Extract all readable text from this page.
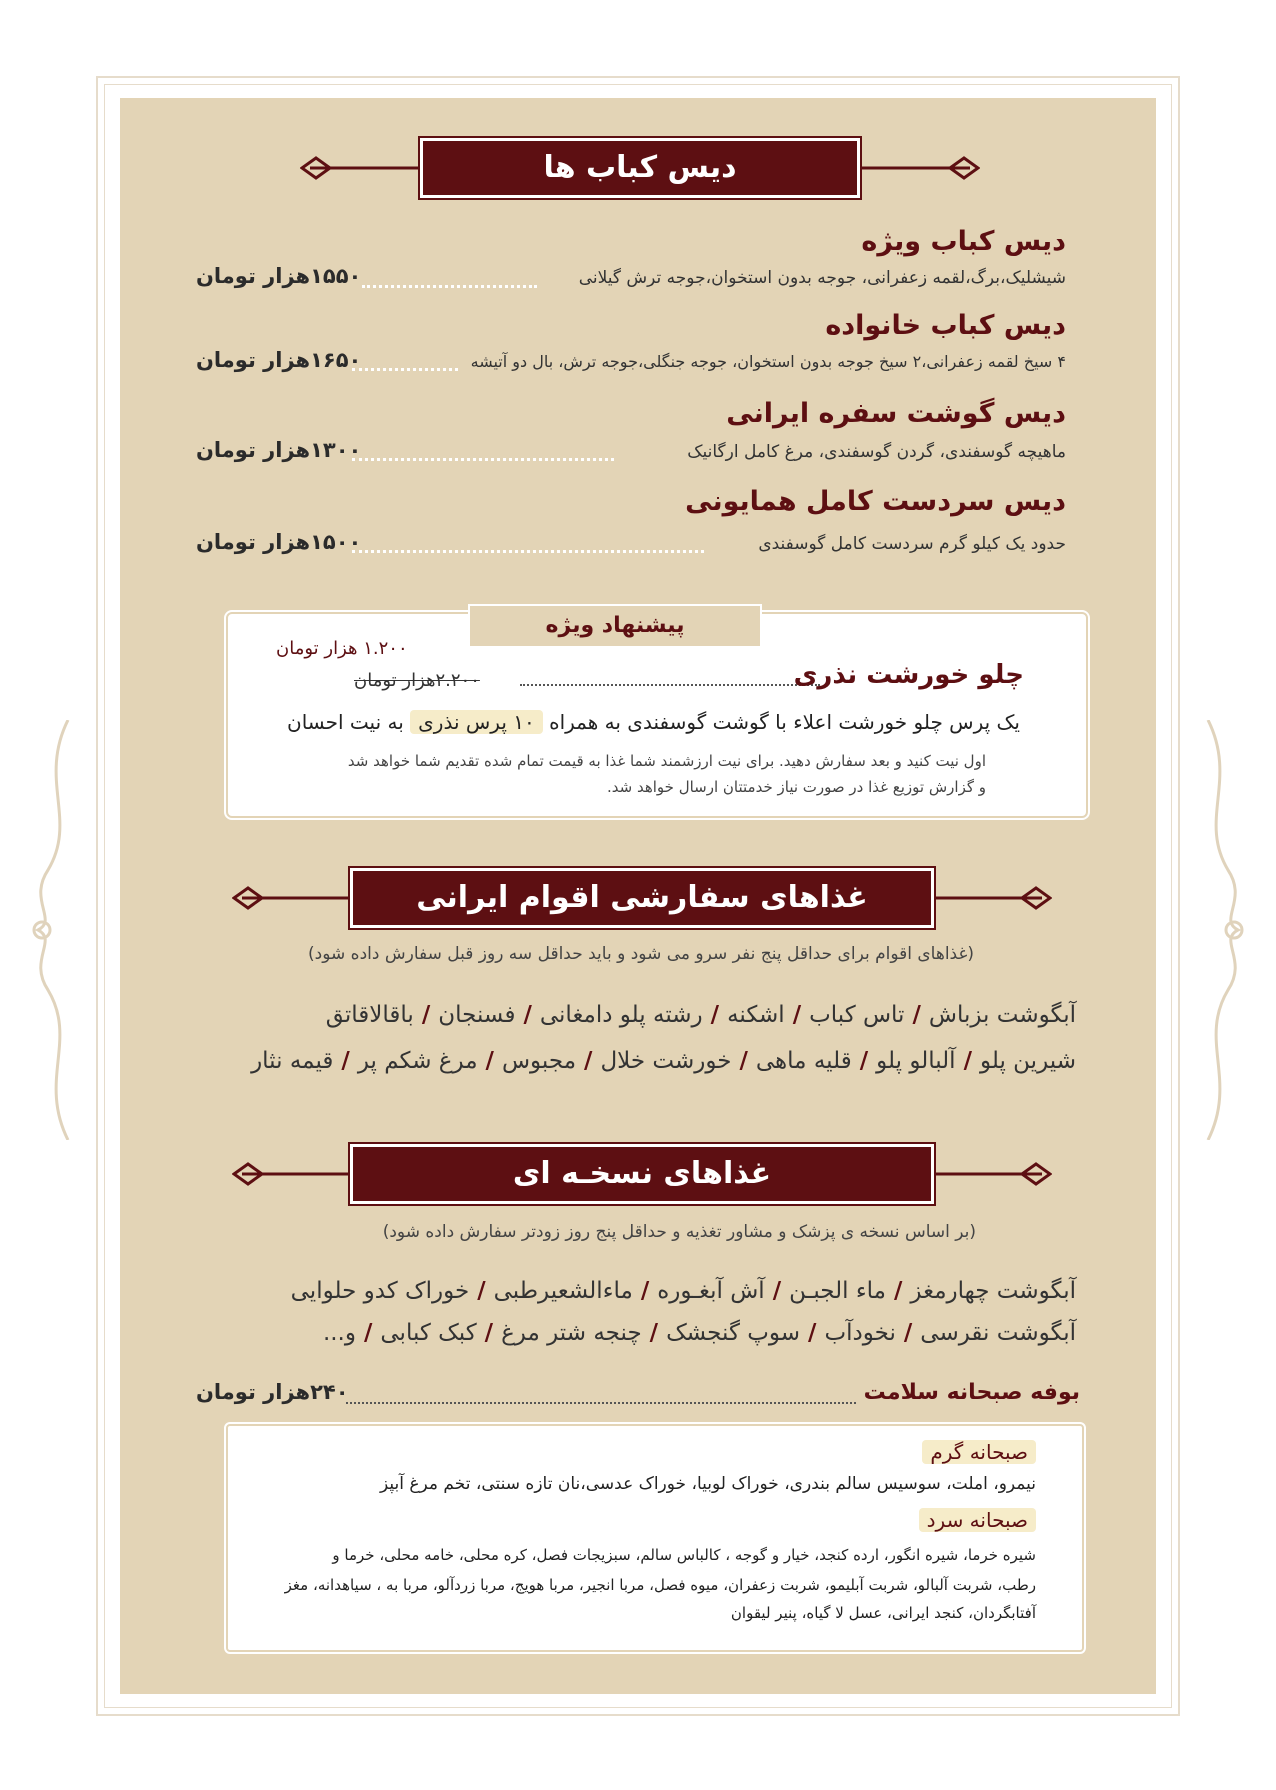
دیس کباب ها
دیس کباب ویژه
شیشلیک،برگ،لقمه زعفرانی، جوجه بدون استخوان،جوجه ترش گیلانی
۱۵۵۰هزار تومان
دیس کباب خانواده
۴ سیخ لقمه زعفرانی،۲ سیخ جوجه بدون استخوان، جوجه جنگلی،جوجه ترش، بال دو آتیشه
۱۶۵۰هزار تومان
دیس گوشت سفره ایرانی
ماهیچه گوسفندی، گردن گوسفندی، مرغ کامل ارگانیک
۱۳۰۰هزار تومان
دیس سردست کامل همایونی
حدود یک کیلو گرم سردست کامل گوسفندی
۱۵۰۰هزار تومان
پیشنهاد ویژه
۱.۲۰۰ هزار تومان
۲.۲۰۰هزار تومان	چلو خورشت نذری
یک پرس چلو خورشت اعلاء با گوشت گوسفندی به همراه ۱۰ پرس نذری به نیت احسان
اول نیت کنید و بعد سفارش دهید. برای نیت ارزشمند شما غذا به قیمت تمام شده تقدیم شما خواهد شد
و گزارش توزیع غذا در صورت نیاز خدمتتان ارسال خواهد شد.
غذاهای سفارشی اقوام ایرانی
(غذاهای اقوام برای حداقل پنج نفر سرو می شود و باید حداقل سه روز قبل سفارش داده شود)
آبگوشت بزباش/تاس کباب/اشکنه/رشته پلو دامغانی/فسنجان/باقالاقاتق
شیرین پلو/آلبالو پلو/قلیه ماهی/خورشت خلال/مجبوس/مرغ شکم پر/قیمه نثار
غذاهای نسخـه ای
(بر اساس نسخه ی پزشک و مشاور تغذیه و حداقل پنج روز زودتر سفارش داده شود)
آبگوشت چهارمغز/ماء الجبـن/آش آبغـوره/ماءالشعیرطبی/خوراک کدو حلوایی
آبگوشت نقرسی/نخودآب/سوپ گنجشک/چنجه شتر مرغ/کبک کبابی/و...
بوفه صبحانه سلامت
۲۴۰هزار تومان
صبحانه گرم
نیمرو، املت، سوسیس سالم بندری، خوراک لوبیا، خوراک عدسی،نان تازه سنتی، تخم مرغ آبپز
صبحانه سرد
شیره خرما، شیره انگور، ارده کنجد، خیار و گوجه ، کالباس سالم، سبزیجات فصل، کره محلی، خامه محلی، خرما و
رطب، شربت آلبالو، شربت آبلیمو، شربت زعفران، میوه فصل، مربا انجیر، مربا هویج، مربا زردآلو، مربا به ، سیاهدانه، مغز
آفتابگردان، کنجد ایرانی، عسل لا گیاه، پنیر لیقوان
